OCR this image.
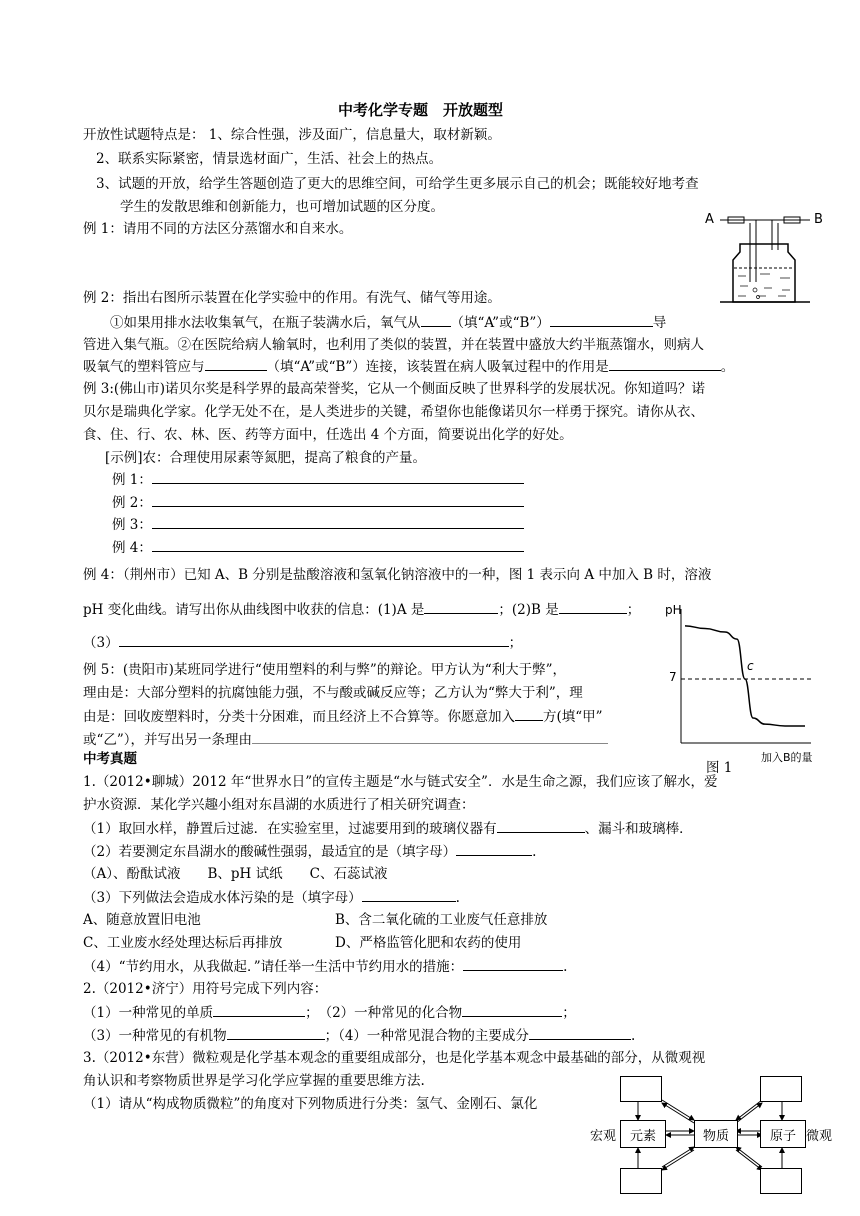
中考化学专题　开放题型
开放性试题特点是： 1、综合性强，涉及面广，信息量大，取材新颖。
2、联系实际紧密，情景选材面广，生活、社会上的热点。
3、试题的开放，给学生答题创造了更大的思维空间，可给学生更多展示自己的机会；既能较好地考查
学生的发散思维和创新能力，也可增加试题的区分度。
例 1：请用不同的方法区分蒸馏水和自来水。
A	B
例 2：指出右图所示装置在化学实验中的作用。有洗气、储气等用途。
①如果用排水法收集氧气，在瓶子装满水后，氧气从 （填“A”或“B”）	导
管进入集气瓶。②在医院给病人输氧时，也利用了类似的装置，并在装置中盛放大约半瓶蒸馏水，则病人
吸氧气的塑料管应与	（填“A”或“B”）连接，该装置在病人吸氧过程中的作用是	。
例 3:(佛山市)诺贝尔奖是科学界的最高荣誉奖，它从一个侧面反映了世界科学的发展状况。你知道吗？诺
贝尔是瑞典化学家。化学无处不在，是人类进步的关键，希望你也能像诺贝尔一样勇于探究。请你从衣、
食、住、行、农、林、医、药等方面中，任选出 4 个方面，简要说出化学的好处。
[示例]农：合理使用尿素等氮肥，提高了粮食的产量。
例 1：
例 2：
例 3：
例 4：
例 4：（荆州市）已知 A、B 分别是盐酸溶液和氢氧化钠溶液中的一种，图 1 表示向 A 中加入 B 时，溶液
pH 变化曲线。请写出你从曲线图中收获的信息：(1)A 是	；(2)B 是	；
（3）	；
pH
7
c
加入B的量
图 1
例 5：(贵阳市)某班同学进行“使用塑料的利与弊”的辩论。甲方认为“利大于弊”，
理由是：大部分塑料的抗腐蚀能力强，不与酸或碱反应等；乙方认为“弊大于利”，理
由是：回收废塑料时，分类十分困难，而且经济上不合算等。你愿意加入 方(填“甲”
或“乙”），并写出另一条理由
中考真题
1.（2012•聊城）2012 年“世界水日”的宣传主题是“水与链式安全”．水是生命之源，我们应该了解水，爱
护水资源．某化学兴趣小组对东昌湖的水质进行了相关研究调查：
（1）取回水样，静置后过滤．在实验室里，过滤要用到的玻璃仪器有	、漏斗和玻璃棒．
（2）若要测定东昌湖水的酸碱性强弱，最适宜的是（填字母）	.
（A）、酚酞试液　　B、pH 试纸　　C、石蕊试液
（3）下列做法会造成水体污染的是（填字母）	.
A、随意放置旧电池	B、含二氧化硫的工业废气任意排放
C、工业废水经处理达标后再排放	D、严格监管化肥和农药的使用
（4）“节约用水，从我做起．”请任举一生活中节约用水的措施：	.
2.（2012•济宁）用符号完成下列内容：
（1）一种常见的单质	；　（2）一种常见的化合物	；
（3）一种常见的有机物	；（4）一种常见混合物的主要成分	.
3.（2012•东营）微粒观是化学基本观念的重要组成部分，也是化学基本观念中最基础的部分，从微观视
角认识和考察物质世界是学习化学应掌握的重要思维方法.
（1）请从“构成物质微粒”的角度对下列物质进行分类：氢气、金刚石、氯化
元素	物质	原子
宏观	微观
